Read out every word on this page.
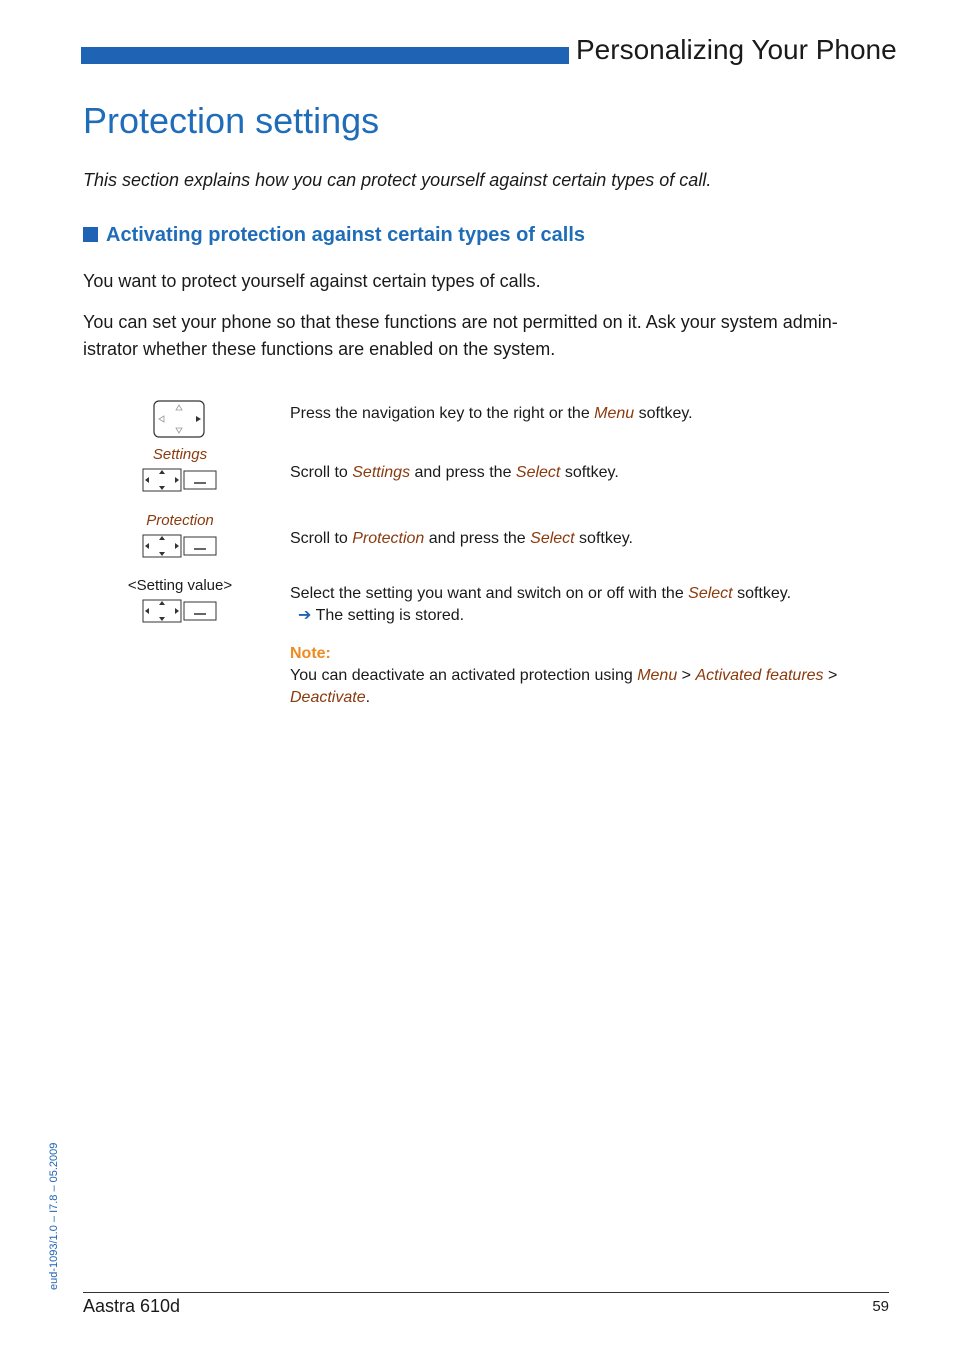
Personalizing Your Phone
Protection settings
This section explains how you can protect yourself against certain types of call.
Activating protection against certain types of calls
You want to protect yourself against certain types of calls.
You can set your phone so that these functions are not permitted on it. Ask your system admin-
istrator whether these functions are enabled on the system.
Press the navigation key to the right or the Menu softkey.
Settings
Scroll to Settings and press the Select softkey.
Protection
Scroll to Protection and press the Select softkey.
<Setting value>	Select the setting you want and switch on or off with the Select softkey.
➔ The setting is stored.
Note:
You can deactivate an activated protection using Menu > Activated features >
Deactivate.
eud-1093/1.0 – I7.8 – 05.2009
Aastra 610d	59
